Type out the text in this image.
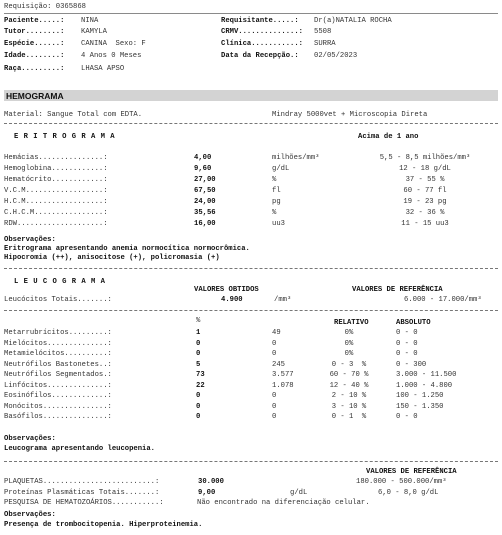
Requisição: 0365868
Paciente.....: NINA
Tutor........: KAMYLA
Espécie......: CANINA  Sexo: F
Idade........: 4 Anos 0 Meses
Raça.........: LHASA APSO
Requisitante.....: Dr(a)NATALIA ROCHA
CRMV..............: 5508
Clínica...........: SURRA
Data da Recepção.: 02/05/2023
HEMOGRAMA
Material: Sangue Total com EDTA.	Mindray 5000vet + Microscopia Direta
E R I T R O G R A M A	Acima de 1 ano
Hemácias...............:	4,00	milhões/mm³	5,5 - 8,5 milhões/mm³
Hemoglobina............:	9,60	g/dL	12 - 18 g/dL
Hematócrito............:	27,00	%	37 - 55 %
V.C.M..................:	67,50	fl	60 - 77 fl
H.C.M..................:	24,00	pg	19 - 23 pg
C.H.C.M................:	35,56	%	32 - 36 %
RDW....................:	16,00	uu3	11 - 15 uu3
Observações:
Eritrograma apresentando anemia normocítica normocrômica.
Hipocromia (++), anisocitose (+), policromasia (+)
L E U C O G R A M A
VALORES OBTIDOS	VALORES DE REFERÊNCIA
Leucócitos Totais.......:	4.900	/mm³	6.000 - 17.000/mm³
%	RELATIVO	ABSOLUTO
Metarrubrícitos.........:	1	49	0%	0 - 0
Mielócitos..............:	0	0	0%	0 - 0
Metamielócitos..........:	0	0	0%	0 - 0
Neutrófilos Bastonetes..:	5	245	0 - 3  %	0 - 300
Neutrófilos Segmentados.:	73	3.577	60 - 70 %	3.000 - 11.500
Linfócitos..............:	22	1.078	12 - 40 %	1.000 - 4.800
Eosinófilos.............:	0	0	2 - 10 %	100 - 1.250
Monócitos...............:	0	0	3 - 10 %	150 - 1.350
Basófilos...............:	0	0	0 - 1  %	0 - 0
Observações:
Leucograma apresentando leucopenia.
VALORES DE REFERÊNCIA
PLAQUETAS..........................:	30.000	180.000 - 500.000/mm³
Proteínas Plasmáticas Totais.......:	9,00	g/dL	6,0 - 8,0 g/dL
PESQUISA DE HEMATOZOÁRIOS...........:	Não encontrado na diferenciação celular.
Observações:
Presença de trombocitopenia. Hiperproteinemia.
